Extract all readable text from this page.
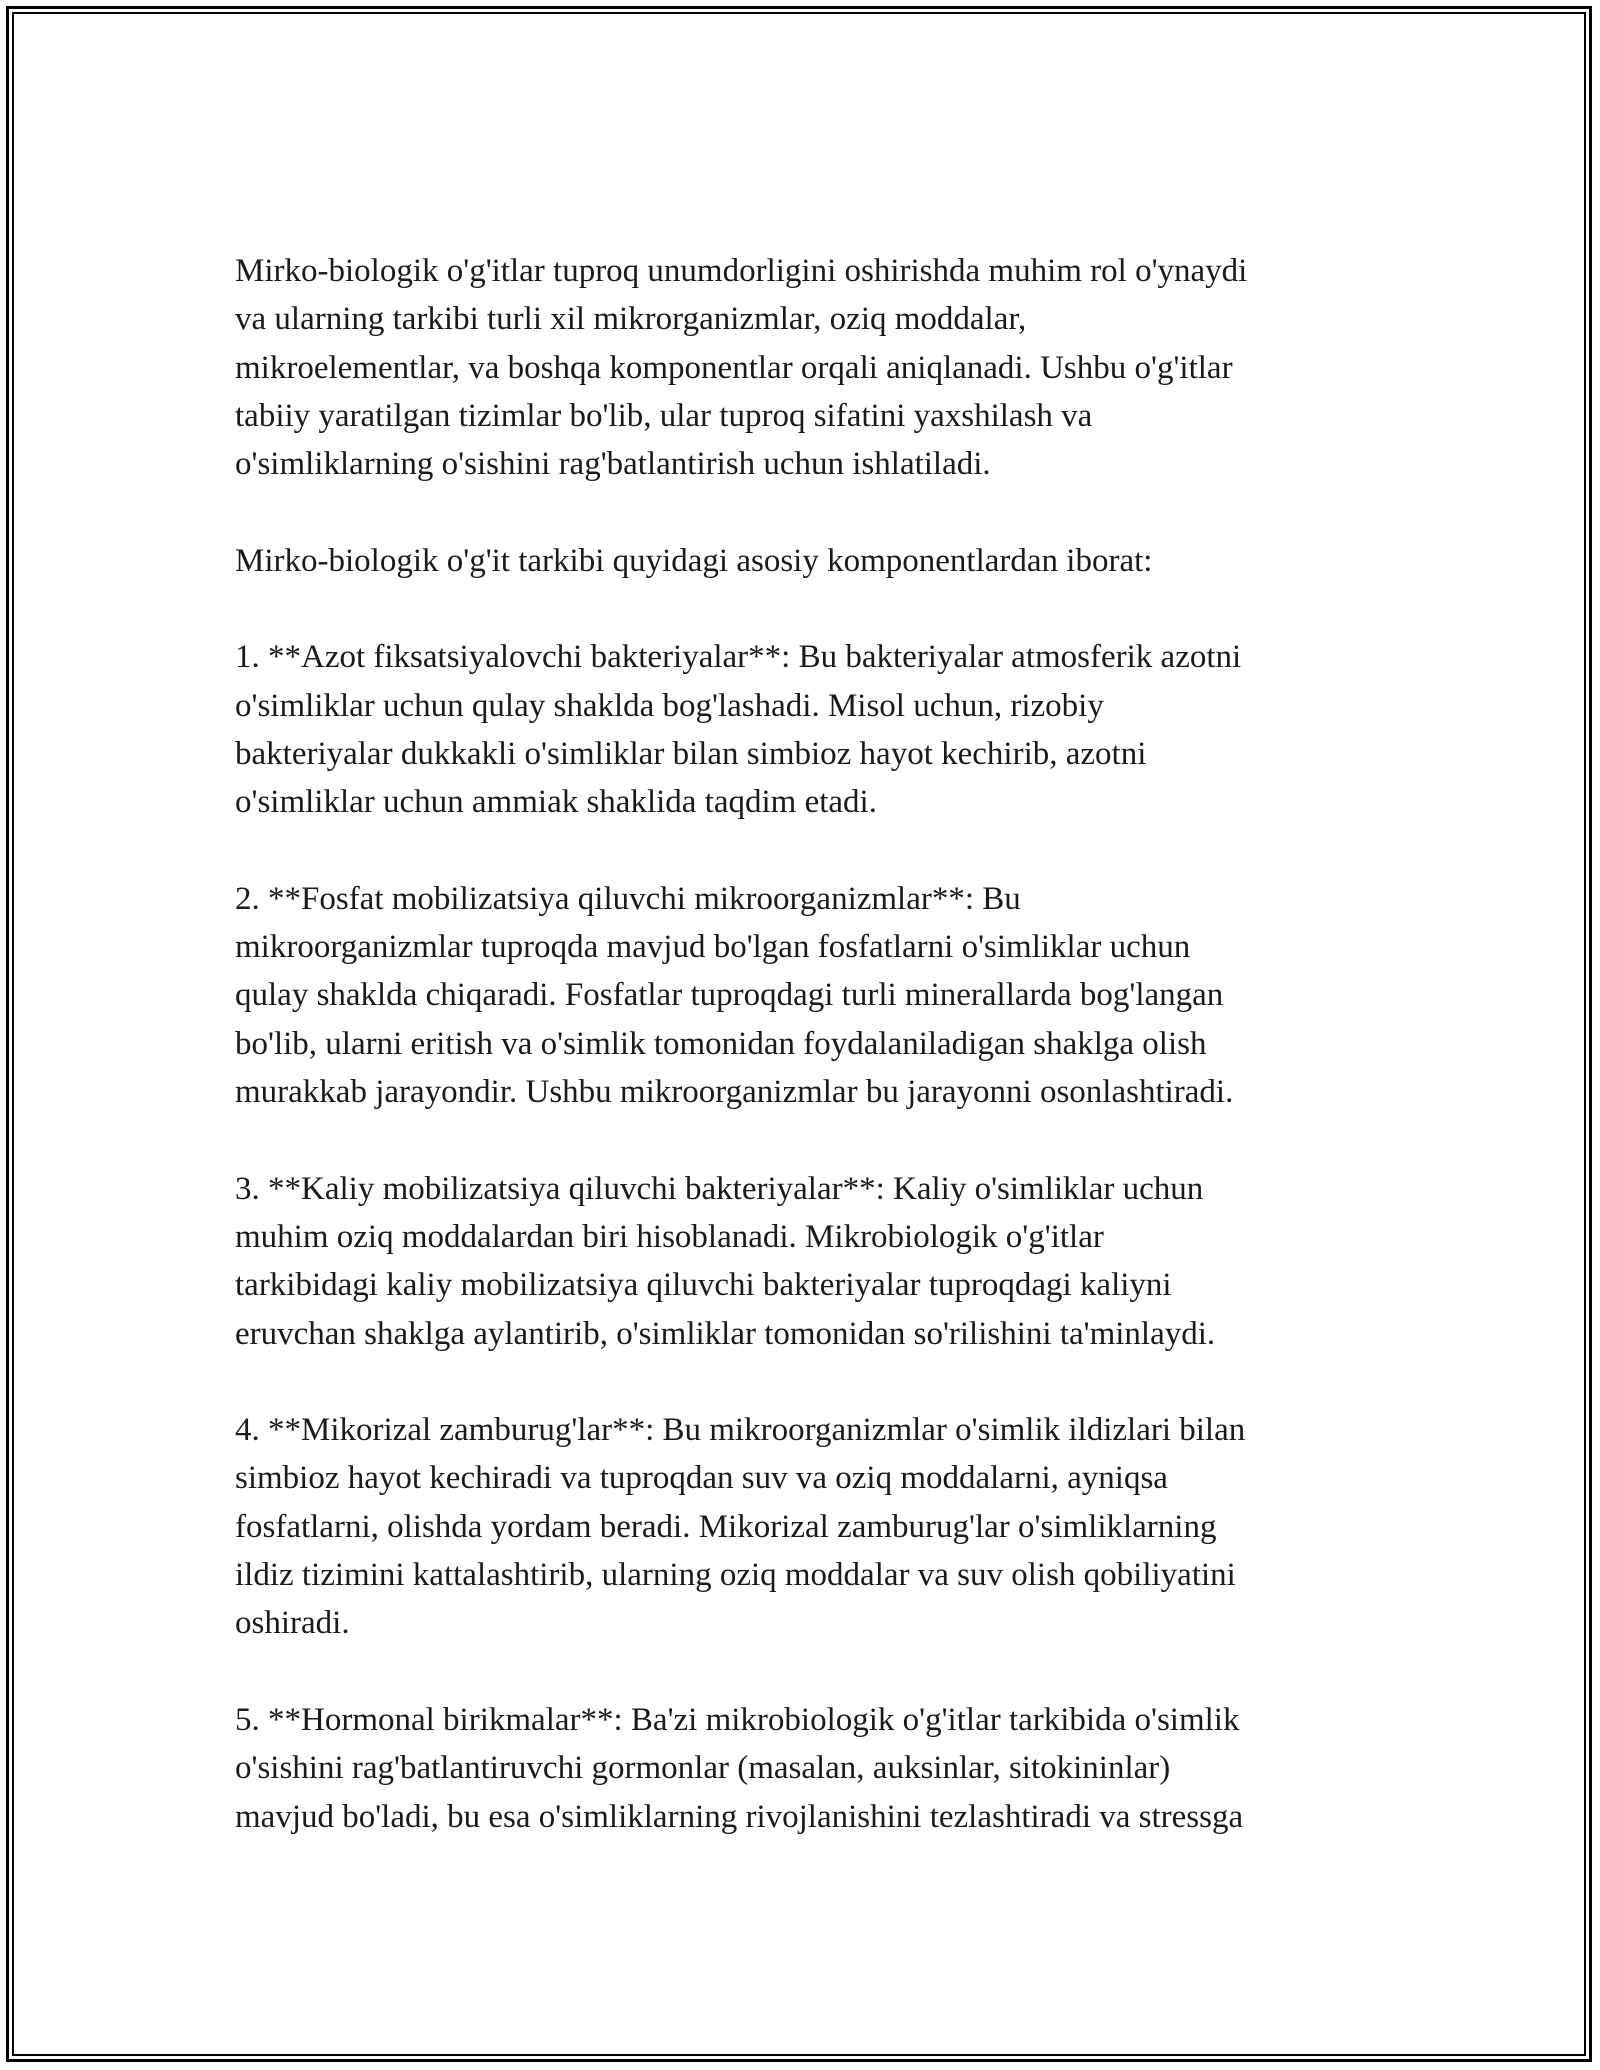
Mirko-biologik o'g'itlar tuproq unumdorligini oshirishda muhim rol o'ynaydi
va ularning tarkibi turli xil mikrorganizmlar, oziq moddalar,
mikroelementlar, va boshqa komponentlar orqali aniqlanadi. Ushbu o'g'itlar
tabiiy yaratilgan tizimlar bo'lib, ular tuproq sifatini yaxshilash va
o'simliklarning o'sishini rag'batlantirish uchun ishlatiladi.
Mirko-biologik o'g'it tarkibi quyidagi asosiy komponentlardan iborat:
1. **Azot fiksatsiyalovchi bakteriyalar**: Bu bakteriyalar atmosferik azotni
o'simliklar uchun qulay shaklda bog'lashadi. Misol uchun, rizobiy
bakteriyalar dukkakli o'simliklar bilan simbioz hayot kechirib, azotni
o'simliklar uchun ammiak shaklida taqdim etadi.
2. **Fosfat mobilizatsiya qiluvchi mikroorganizmlar**: Bu
mikroorganizmlar tuproqda mavjud bo'lgan fosfatlarni o'simliklar uchun
qulay shaklda chiqaradi. Fosfatlar tuproqdagi turli minerallarda bog'langan
bo'lib, ularni eritish va o'simlik tomonidan foydalaniladigan shaklga olish
murakkab jarayondir. Ushbu mikroorganizmlar bu jarayonni osonlashtiradi.
3. **Kaliy mobilizatsiya qiluvchi bakteriyalar**: Kaliy o'simliklar uchun
muhim oziq moddalardan biri hisoblanadi. Mikrobiologik o'g'itlar
tarkibidagi kaliy mobilizatsiya qiluvchi bakteriyalar tuproqdagi kaliyni
eruvchan shaklga aylantirib, o'simliklar tomonidan so'rilishini ta'minlaydi.
4. **Mikorizal zamburug'lar**: Bu mikroorganizmlar o'simlik ildizlari bilan
simbioz hayot kechiradi va tuproqdan suv va oziq moddalarni, ayniqsa
fosfatlarni, olishda yordam beradi. Mikorizal zamburug'lar o'simliklarning
ildiz tizimini kattalashtirib, ularning oziq moddalar va suv olish qobiliyatini
oshiradi.
5. **Hormonal birikmalar**: Ba'zi mikrobiologik o'g'itlar tarkibida o'simlik
o'sishini rag'batlantiruvchi gormonlar (masalan, auksinlar, sitokininlar)
mavjud bo'ladi, bu esa o'simliklarning rivojlanishini tezlashtiradi va stressga
